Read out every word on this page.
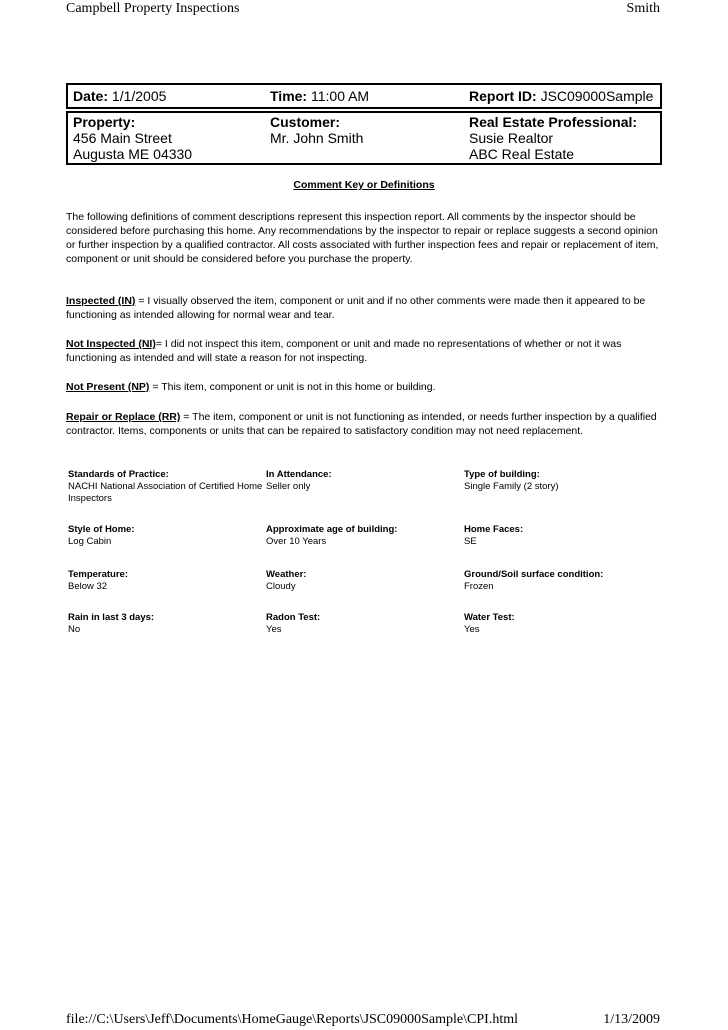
Campbell Property Inspections	Smith
Date: 1/1/2005	Time: 11:00 AM	Report ID: JSC09000Sample
Property:
456 Main Street
Augusta ME 04330
Customer:
Mr. John Smith
Real Estate Professional:
Susie Realtor
ABC Real Estate
Comment Key or Definitions

The following definitions of comment descriptions represent this inspection report. All comments by the inspector should be considered before purchasing this home. Any recommendations by the inspector to repair or replace suggests a second opinion or further inspection by a qualified contractor. All costs associated with further inspection fees and repair or replacement of item, component or unit should be considered before you purchase the property.

Inspected (IN) = I visually observed the item, component or unit and if no other comments were made then it appeared to be functioning as intended allowing for normal wear and tear.

Not Inspected (NI)= I did not inspect this item, component or unit and made no representations of whether or not it was functioning as intended and will state a reason for not inspecting.

Not Present (NP) = This item, component or unit is not in this home or building.

Repair or Replace (RR) = The item, component or unit is not functioning as intended, or needs further inspection by a qualified contractor. Items, components or units that can be repaired to satisfactory condition may not need replacement.

Standards of Practice:
NACHI National Association of Certified Home Inspectors
In Attendance:
Seller only
Type of building:
Single Family (2 story)
Style of Home:
Log Cabin
Approximate age of building:
Over 10 Years
Home Faces:
SE
Temperature:
Below 32
Weather:
Cloudy
Ground/Soil surface condition:
Frozen
Rain in last 3 days:
No
Radon Test:
Yes
Water Test:
Yes
file://C:\Users\Jeff\Documents\HomeGauge\Reports\JSC09000Sample\CPI.html	1/13/2009
